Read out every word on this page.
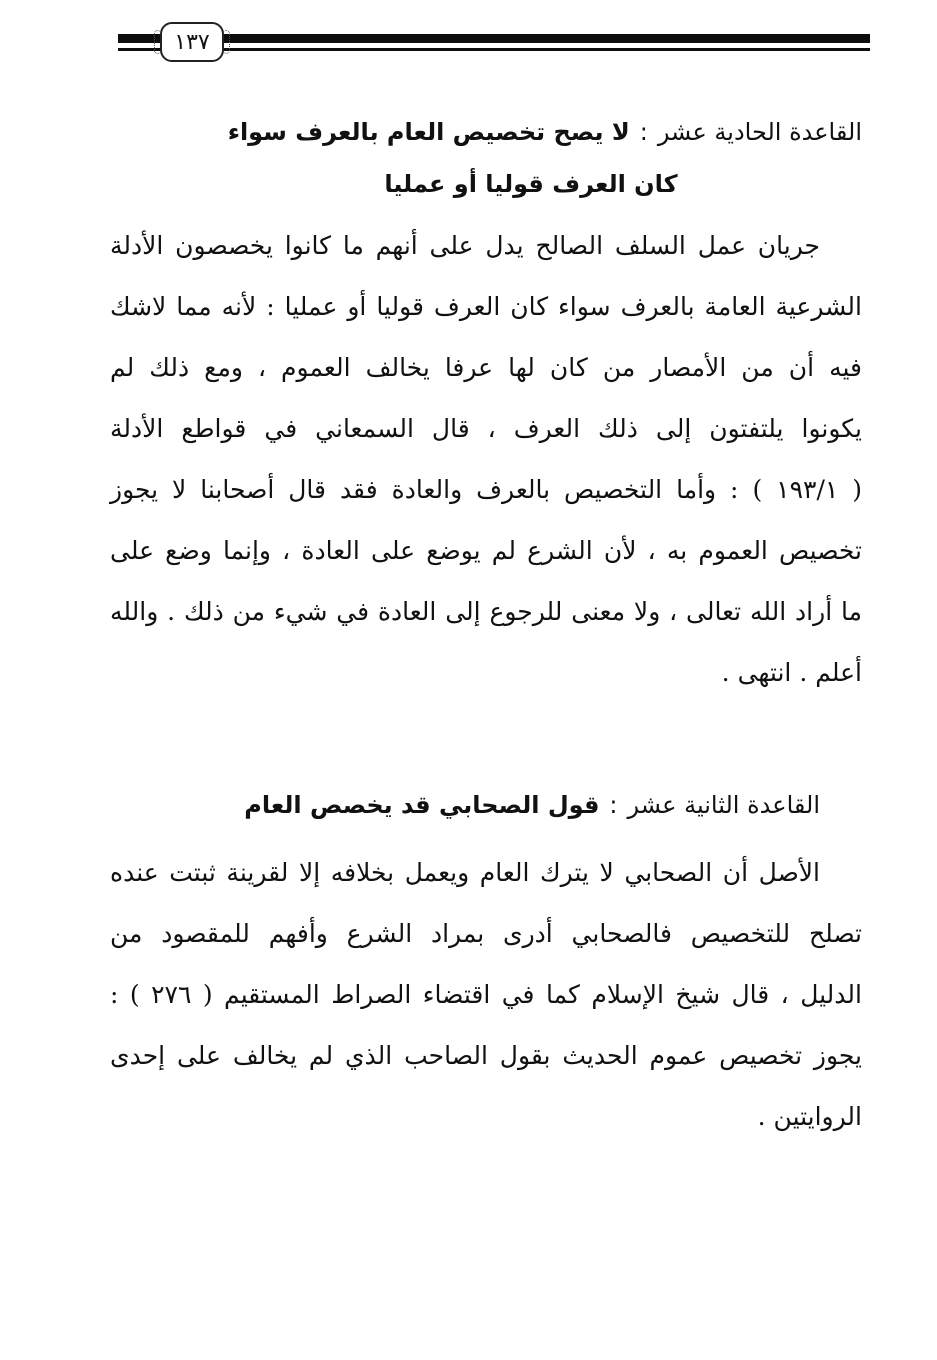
١٣٧
القاعدة الحادية عشر:لا يصح تخصيص العام بالعرف سواء
كان العرف قوليا أو عمليا
جريان عمل السلف الصالح يدل على أنهم ما كانوا يخصصون الأدلة
الشرعية العامة بالعرف سواء كان العرف قوليا أو عمليا : لأنه مما لاشك
فيه أن من الأمصار من كان لها عرفا يخالف العموم ، ومع ذلك لم
يكونوا يلتفتون إلى ذلك العرف ، قال السمعاني في قواطع الأدلة
( ١٩٣/١ ) : وأما التخصيص بالعرف والعادة فقد قال أصحابنا لا يجوز
تخصيص العموم به ، لأن الشرع لم يوضع على العادة ، وإنما وضع على
ما أراد الله تعالى ، ولا معنى للرجوع إلى العادة في شيء من ذلك . والله
أعلم . انتهى .
القاعدة الثانية عشر:قول الصحابي قد يخصص العام
الأصل أن الصحابي لا يترك العام ويعمل بخلافه إلا لقرينة ثبتت عنده
تصلح للتخصيص فالصحابي أدرى بمراد الشرع وأفهم للمقصود من
الدليل ، قال شيخ الإسلام كما في اقتضاء الصراط المستقيم ( ٢٧٦ ) :
يجوز تخصيص عموم الحديث بقول الصاحب الذي لم يخالف على إحدى
الروايتين .
